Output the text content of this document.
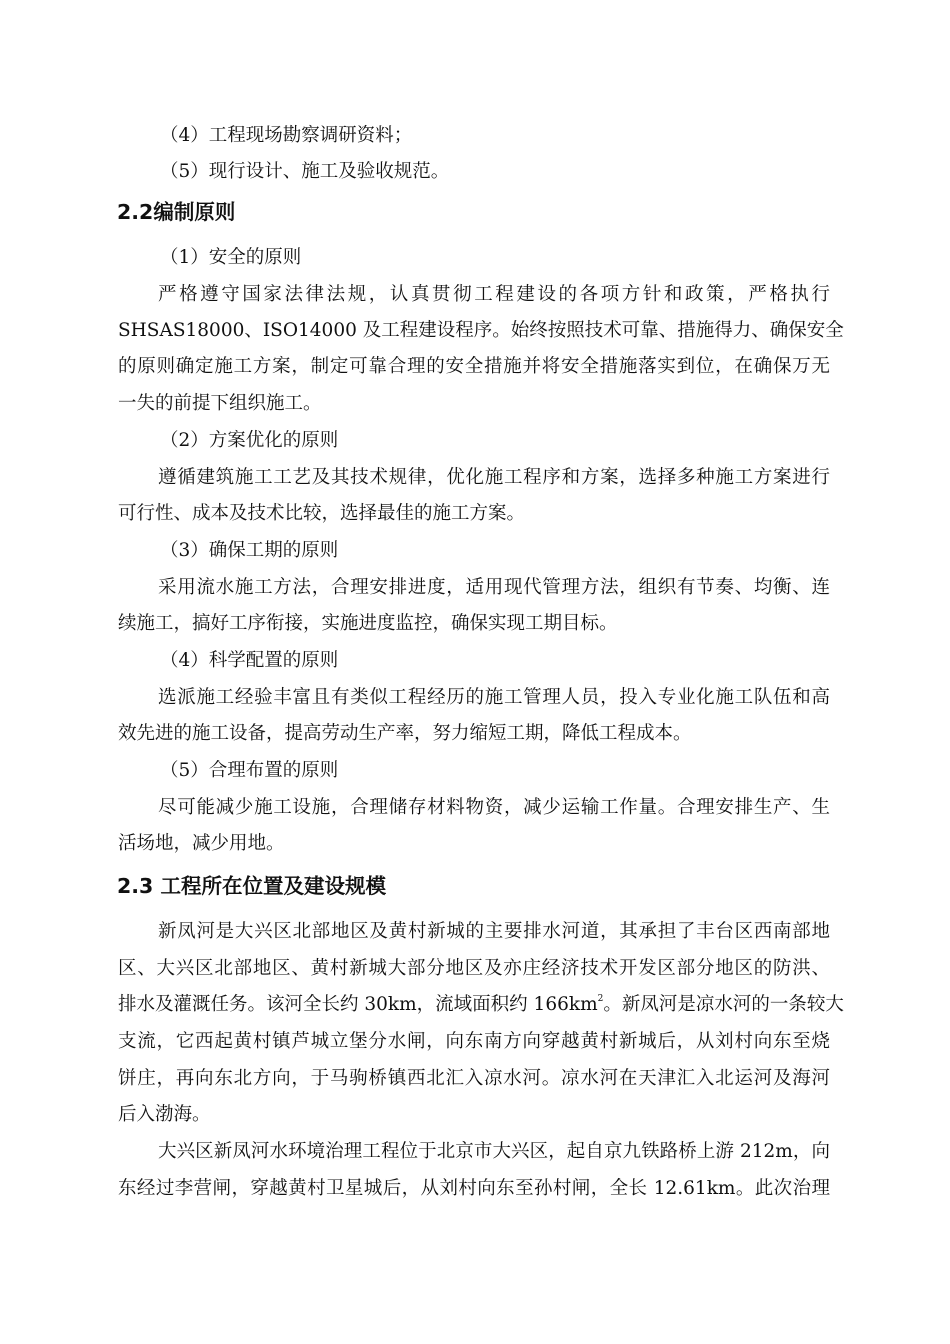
（4）工程现场勘察调研资料；
（5）现行设计、施工及验收规范。
2.2编制原则
（1）安全的原则
严格遵守国家法律法规，认真贯彻工程建设的各项方针和政策，严格执行
SHSAS18000、ISO14000 及工程建设程序。始终按照技术可靠、措施得力、确保安全
的原则确定施工方案，制定可靠合理的安全措施并将安全措施落实到位，在确保万无
一失的前提下组织施工。
（2）方案优化的原则
遵循建筑施工工艺及其技术规律，优化施工程序和方案，选择多种施工方案进行
可行性、成本及技术比较，选择最佳的施工方案。
（3）确保工期的原则
采用流水施工方法，合理安排进度，适用现代管理方法，组织有节奏、均衡、连
续施工，搞好工序衔接，实施进度监控，确保实现工期目标。
（4）科学配置的原则
选派施工经验丰富且有类似工程经历的施工管理人员，投入专业化施工队伍和高
效先进的施工设备，提高劳动生产率，努力缩短工期，降低工程成本。
（5）合理布置的原则
尽可能减少施工设施，合理储存材料物资，减少运输工作量。合理安排生产、生
活场地，减少用地。
2.3 工程所在位置及建设规模
新凤河是大兴区北部地区及黄村新城的主要排水河道，其承担了丰台区西南部地
区、大兴区北部地区、黄村新城大部分地区及亦庄经济技术开发区部分地区的防洪、
排水及灌溉任务。该河全长约 30km，流域面积约 $166km^2$。新凤河是凉水河的一条较大
支流，它西起黄村镇芦城立堡分水闸，向东南方向穿越黄村新城后，从刘村向东至烧
饼庄，再向东北方向，于马驹桥镇西北汇入凉水河。凉水河在天津汇入北运河及海河
后入渤海。
大兴区新凤河水环境治理工程位于北京市大兴区，起自京九铁路桥上游 212m，向
东经过李营闸，穿越黄村卫星城后，从刘村向东至孙村闸，全长 12.61km。此次治理
